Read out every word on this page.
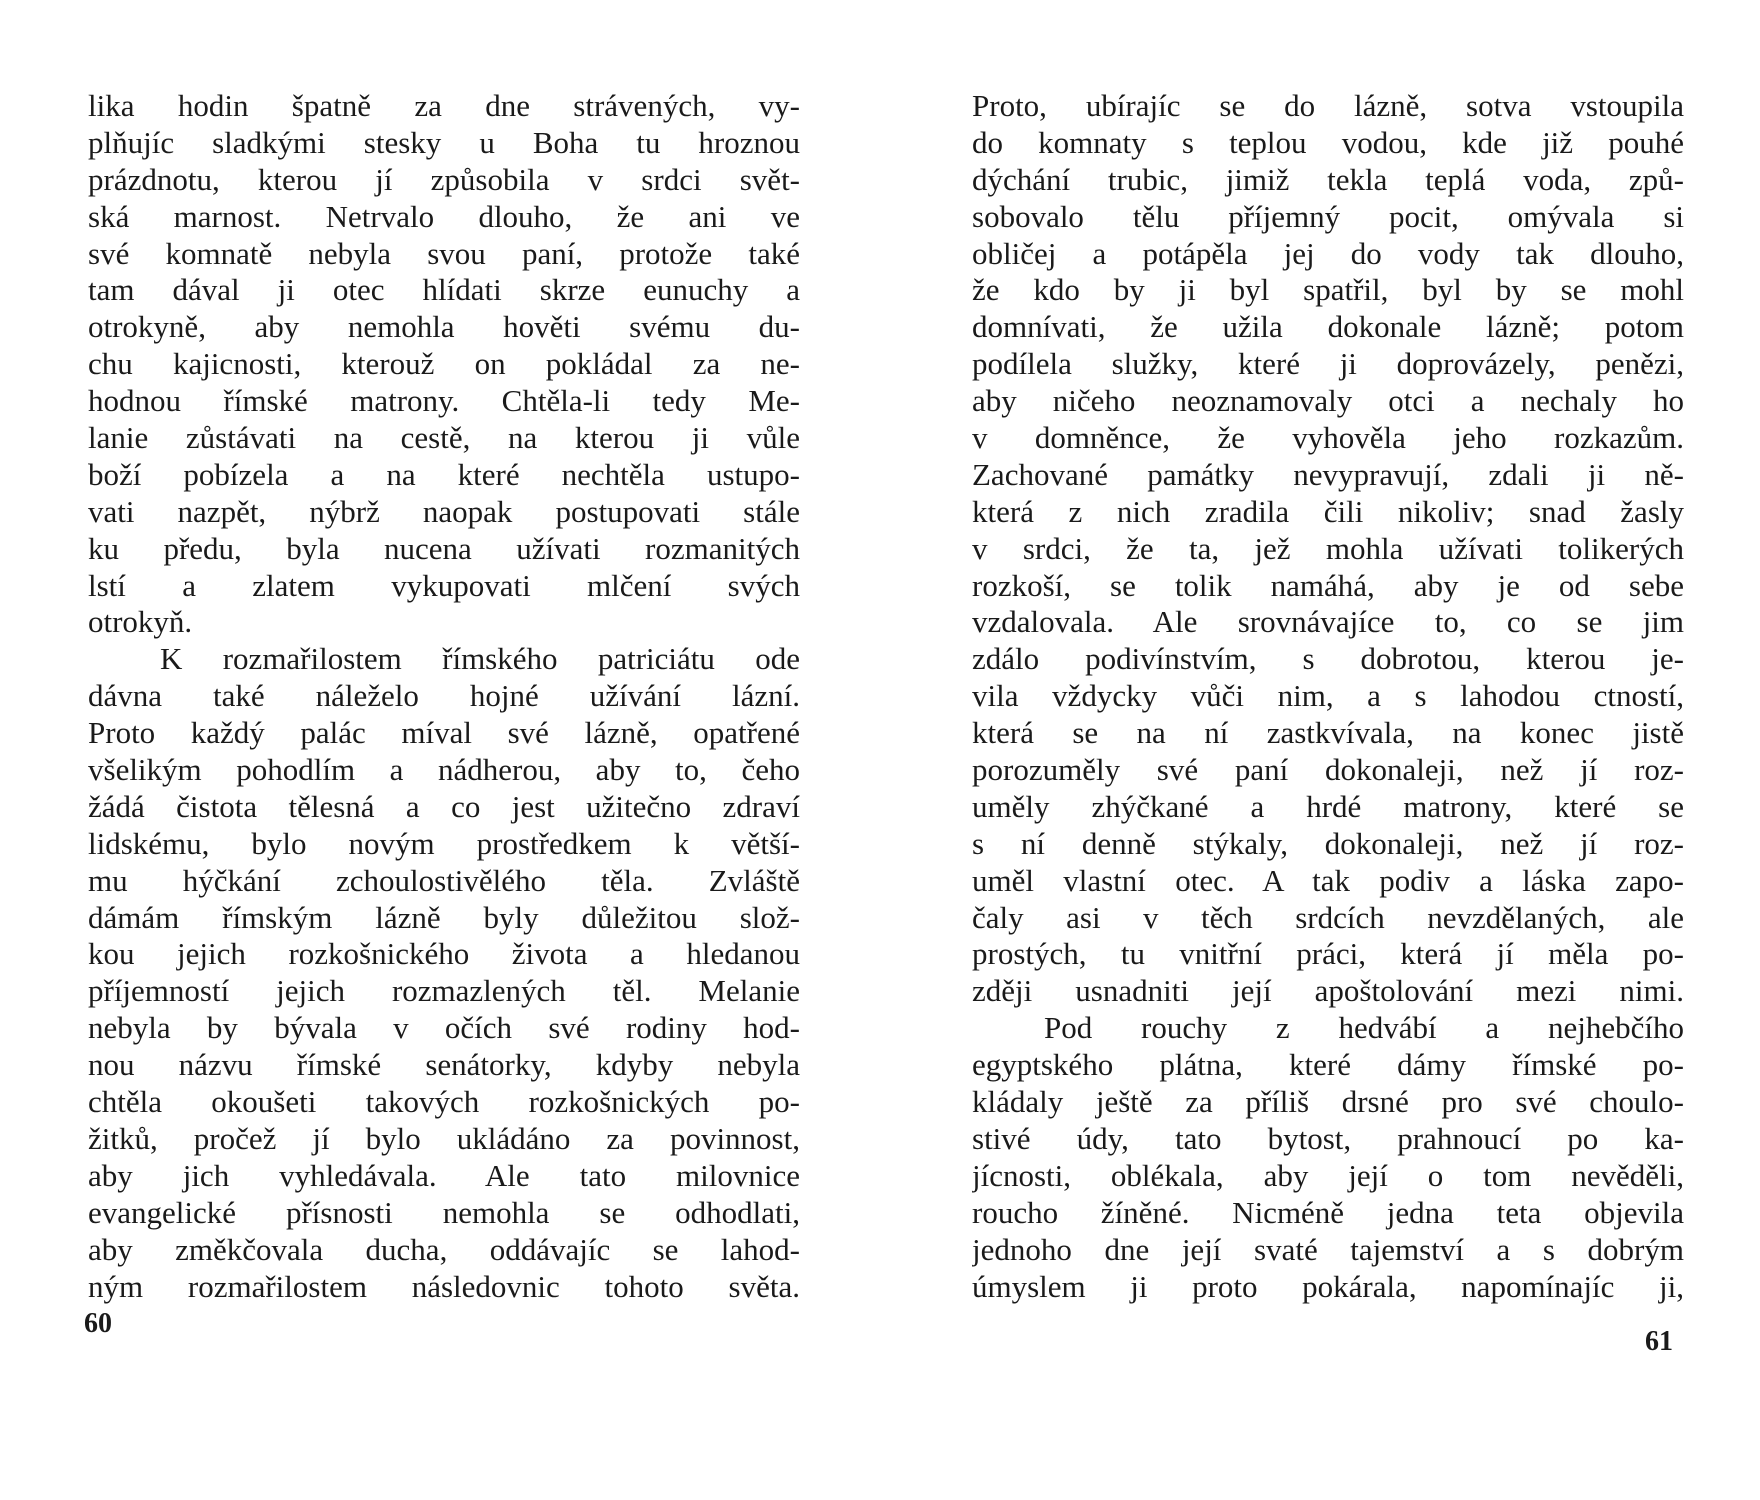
lika hodin špatně za dne strávených, vy-
plňujíc sladkými stesky u Boha tu hroznou
prázdnotu, kterou jí způsobila v srdci svět-
ská marnost. Netrvalo dlouho, že ani ve
své komnatě nebyla svou paní, protože také
tam dával ji otec hlídati skrze eunuchy a
otrokyně, aby nemohla hověti svému du-
chu kajicnosti, kterouž on pokládal za ne-
hodnou římské matrony. Chtěla-li tedy Me-
lanie zůstávati na cestě, na kterou ji vůle
boží pobízela a na které nechtěla ustupo-
vati nazpět, nýbrž naopak postupovati stále
ku předu, byla nucena užívati rozmanitých
lstí a zlatem vykupovati mlčení svých
otrokyň.
K rozmařilostem římského patriciátu ode
dávna také náleželo hojné užívání lázní.
Proto každý palác míval své lázně, opatřené
všelikým pohodlím a nádherou, aby to, čeho
žádá čistota tělesná a co jest užitečno zdraví
lidskému, bylo novým prostředkem k větší-
mu hýčkání zchoulostivělého těla. Zvláště
dámám římským lázně byly důležitou slož-
kou jejich rozkošnického života a hledanou
příjemností jejich rozmazlených těl. Melanie
nebyla by bývala v očích své rodiny hod-
nou názvu římské senátorky, kdyby nebyla
chtěla okoušeti takových rozkošnických po-
žitků, pročež jí bylo ukládáno za povinnost,
aby jich vyhledávala. Ale tato milovnice
evangelické přísnosti nemohla se odhodlati,
aby změkčovala ducha, oddávajíc se lahod-
ným rozmařilostem následovnic tohoto světa.
60
Proto, ubírajíc se do lázně, sotva vstoupila
do komnaty s teplou vodou, kde již pouhé
dýchání trubic, jimiž tekla teplá voda, způ-
sobovalo tělu příjemný pocit, omývala si
obličej a potápěla jej do vody tak dlouho,
že kdo by ji byl spatřil, byl by se mohl
domnívati, že užila dokonale lázně; potom
podílela služky, které ji doprovázely, penězi,
aby ničeho neoznamovaly otci a nechaly ho
v domněnce, že vyhověla jeho rozkazům.
Zachované památky nevypravují, zdali ji ně-
která z nich zradila čili nikoliv; snad žasly
v srdci, že ta, jež mohla užívati tolikerých
rozkoší, se tolik namáhá, aby je od sebe
vzdalovala. Ale srovnávajíce to, co se jim
zdálo podivínstvím, s dobrotou, kterou je-
vila vždycky vůči nim, a s lahodou ctností,
která se na ní zastkvívala, na konec jistě
porozuměly své paní dokonaleji, než jí roz-
uměly zhýčkané a hrdé matrony, které se
s ní denně stýkaly, dokonaleji, než jí roz-
uměl vlastní otec. A tak podiv a láska zapo-
čaly asi v těch srdcích nevzdělaných, ale
prostých, tu vnitřní práci, která jí měla po-
zději usnadniti její apoštolování mezi nimi.
Pod rouchy z hedvábí a nejhebčího
egyptského plátna, které dámy římské po-
kládaly ještě za příliš drsné pro své choulo-
stivé údy, tato bytost, prahnoucí po ka-
jícnosti, oblékala, aby její o tom nevěděli,
roucho žíněné. Nicméně jedna teta objevila
jednoho dne její svaté tajemství a s dobrým
úmyslem ji proto pokárala, napomínajíc ji,
61
